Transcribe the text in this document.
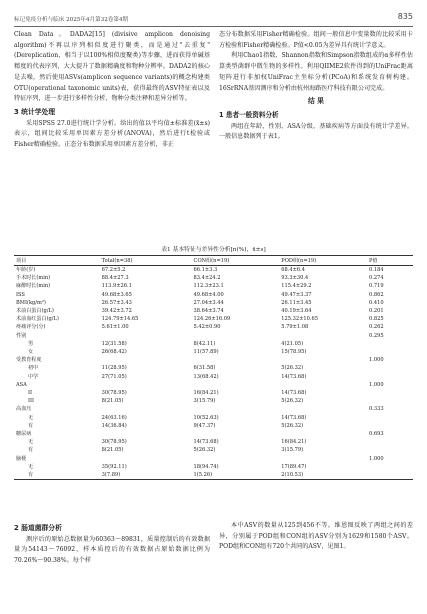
标记免疫分析与临床 2025年4月第32卷第4期	835

Clean Data。DADA2[15] (divisive amplicon denoising algorithm)不再以序列相似度进行聚类，而是通过"去重复"(Dereplication，相当于以100%相似度聚类)等步骤，进而获得单碱基精度的代表序列，大大提升了数据精确度和物种分辨率。DADA2的核心是去噪，然后使用ASVs(amplicon sequence variants)的概念构建类OTU(operational taxonomic units)表，获得最终的ASV特征表以及特征序列，进一步进行多样性分析、物种分类注释和差异分析等。

3 统计学处理

采用SPSS 27.0进行统计学分析。给出的值以平均值±标准差(x̄±s)表示，组间比较采用单因素方差分析(ANOVA)，然后进行t检验或Fisher精确检验。正态分布数据采用单因素方差分析，非正

态分布数据采用Fisher精确检验。组间一般信息中变量数的比较采用卡方检验和Fisher精确检验。P值<0.05为差异具有统计学意义。

利用Chao1指数、Shannon指数和Simpson指数组成的α多样性估算类型菌群中微生物的多样性。利用QIIME2软件得到的UniFrac距离矩阵进行非加权UniFrac主坐标分析(PCoA)和系统发育树构建。16SrRNA基因测序和分析由杭州海路医疗科技有限公司完成。

结 果
1 患者一般资料分析

两组在年龄、性别、ASA分级、基础疾病等方面没有统计学差异。一般信息数据列于表1。

表1 基本特征与差异性分析[n(%)，x̄±s]
项目	Total(n=38)	CON组(n=19)	POD组(n=19)	P值
年龄(岁)	67.2±5.2	66.1±3.3	68.4±6.4	0.184
手术时长(min)	88.4±27.3	83.4±24.2	93.3±30.4	0.274
麻醉时长(min)	113.9±26.1	112.3±23.1	115.4±29.2	0.719
ISS	49.68±3.65	49.68±4.00	49.47±3.37	0.862
BMI(kg/m²)	26.57±3.43	27.04±3.44	26.11±3.45	0.410
术前白蛋白(g/L)	39.42±3.72	38.64±3.74	40.19±3.64	0.201
术前血红蛋白(g/L)	124.79±14.65	124.26±16.09	125.32±10.65	0.825
疼痛评分(分)	5.61±1.00	5.42±0.90	5.79±1.08	0.262
性别				0.295
男	12(31.58)	8(42.11)	4(21.05)	
女	26(68.42)	11(57.89)	15(78.95)	
受教育程度				1.000
初中	11(28.95)	6(31.58)	5(26.32)	
中学	27(71.05)	13(68.42)	14(73.68)	
ASA				1.000
II	30(78.95)	16(84.21)	14(73.68)	
III	8(21.05)	3(15.79)	5(26.32)	
高血压				0.333
无	24(63.16)	10(52.63)	14(73.68)	
有	14(36.84)	9(47.37)	5(26.32)	
糖尿病				0.693
无	30(78.95)	14(73.68)	16(84.21)	
有	8(21.05)	5(26.32)	3(15.79)	
脑梗				1.000
无	35(92.11)	18(94.74)	17(89.47)	
有	3(7.89)	1(5.26)	2(10.53)	
2 肠道菌群分析

测序后的原始总数据量为60363～89831，质量控制后的有效数据量为54143～76092，样本质控后的有效数据占原始数据比例为70.26%～90.38%。每个样

本中ASV的数量从125到456不等。维恩图反映了两组之间的差异，分别属于POD组和CON组的ASV分别为1629和1580个ASV。POD组和CON组有720个共同的ASV，见图1。
